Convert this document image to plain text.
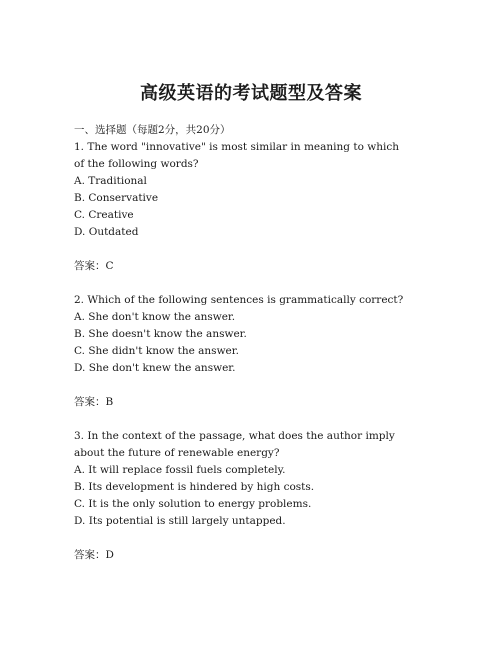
高级英语的考试题型及答案
一、选择题（每题2分，共20分）
1. The word "innovative" is most similar in meaning to which
of the following words?
A. Traditional
B. Conservative
C. Creative
D. Outdated
答案：C
2. Which of the following sentences is grammatically correct?
A. She don't know the answer.
B. She doesn't know the answer.
C. She didn't know the answer.
D. She don't knew the answer.
答案：B
3. In the context of the passage, what does the author imply
about the future of renewable energy?
A. It will replace fossil fuels completely.
B. Its development is hindered by high costs.
C. It is the only solution to energy problems.
D. Its potential is still largely untapped.
答案：D
